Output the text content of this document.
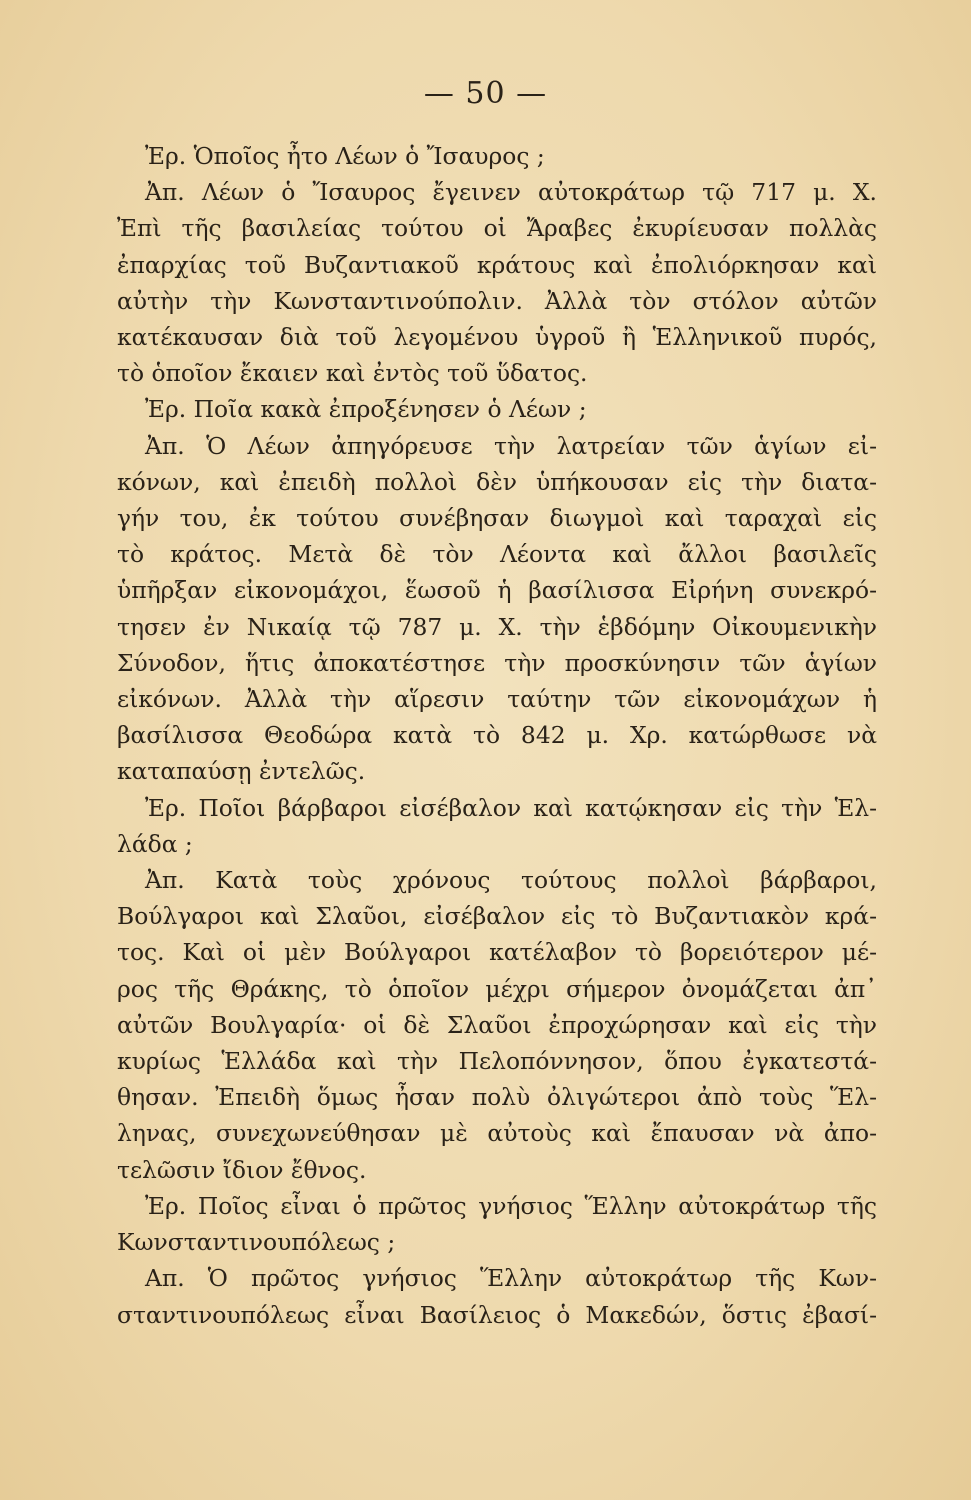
— 50 —
Ἐρ. Ὁποῖος ἦτο Λέων ὁ Ἴσαυρος ;
Ἀπ. Λέων ὁ Ἴσαυρος ἔγεινεν αὐτοκράτωρ τῷ 717 μ. Χ.
Ἐπὶ τῆς βασιλείας τούτου οἱ Ἄραβες ἐκυρίευσαν πολλὰς
ἐπαρχίας τοῦ Βυζαντιακοῦ κράτους καὶ ἐπολιόρκησαν καὶ
αὐτὴν τὴν Κωνσταντινούπολιν. Ἀλλὰ τὸν στόλον αὐτῶν
κατέκαυσαν διὰ τοῦ λεγομένου ὑγροῦ ἢ Ἑλληνικοῦ πυρός,
τὸ ὁποῖον ἔκαιεν καὶ ἐντὸς τοῦ ὕδατος.
Ἐρ. Ποῖα κακὰ ἐπροξένησεν ὁ Λέων ;
Ἀπ. Ὁ Λέων ἀπηγόρευσε τὴν λατρείαν τῶν ἁγίων εἰ-
κόνων, καὶ ἐπειδὴ πολλοὶ δὲν ὑπήκουσαν εἰς τὴν διατα-
γήν του, ἐκ τούτου συνέβησαν διωγμοὶ καὶ ταραχαὶ εἰς
τὸ κράτος. Μετὰ δὲ τὸν Λέοντα καὶ ἄλλοι βασιλεῖς
ὑπῆρξαν εἰκονομάχοι, ἕωσοῦ ἡ βασίλισσα Εἰρήνη συνεκρό-
τησεν ἐν Νικαίᾳ τῷ 787 μ. Χ. τὴν ἑβδόμην Οἰκουμενικὴν
Σύνοδον, ἥτις ἀποκατέστησε τὴν προσκύνησιν τῶν ἁγίων
εἰκόνων. Ἀλλὰ τὴν αἵρεσιν ταύτην τῶν εἰκονομάχων ἡ
βασίλισσα Θεοδώρα κατὰ τὸ 842 μ. Χρ. κατώρθωσε νὰ
καταπαύσῃ ἐντελῶς.
Ἐρ. Ποῖοι βάρβαροι εἰσέβαλον καὶ κατῴκησαν εἰς τὴν Ἑλ-
λάδα ;
Ἀπ. Κατὰ τοὺς χρόνους τούτους πολλοὶ βάρβαροι,
Βούλγαροι καὶ Σλαῦοι, εἰσέβαλον εἰς τὸ Βυζαντιακὸν κρά-
τος. Καὶ οἱ μὲν Βούλγαροι κατέλαβον τὸ βορειότερον μέ-
ρος τῆς Θράκης, τὸ ὁποῖον μέχρι σήμερον ὀνομάζεται ἀπ᾿
αὐτῶν Βουλγαρία· οἱ δὲ Σλαῦοι ἐπροχώρησαν καὶ εἰς τὴν
κυρίως Ἑλλάδα καὶ τὴν Πελοπόννησον, ὅπου ἐγκατεστά-
θησαν. Ἐπειδὴ ὅμως ἦσαν πολὺ ὀλιγώτεροι ἀπὸ τοὺς Ἕλ-
ληνας, συνεχωνεύθησαν μὲ αὐτοὺς καὶ ἔπαυσαν νὰ ἀπο-
τελῶσιν ἴδιον ἔθνος.
Ἐρ. Ποῖος εἶναι ὁ πρῶτος γνήσιος Ἕλλην αὐτοκράτωρ τῆς
Κωνσταντινουπόλεως ;
Απ. Ὁ πρῶτος γνήσιος Ἕλλην αὐτοκράτωρ τῆς Κων-
σταντινουπόλεως εἶναι Βασίλειος ὁ Μακεδών, ὅστις ἐβασί-
